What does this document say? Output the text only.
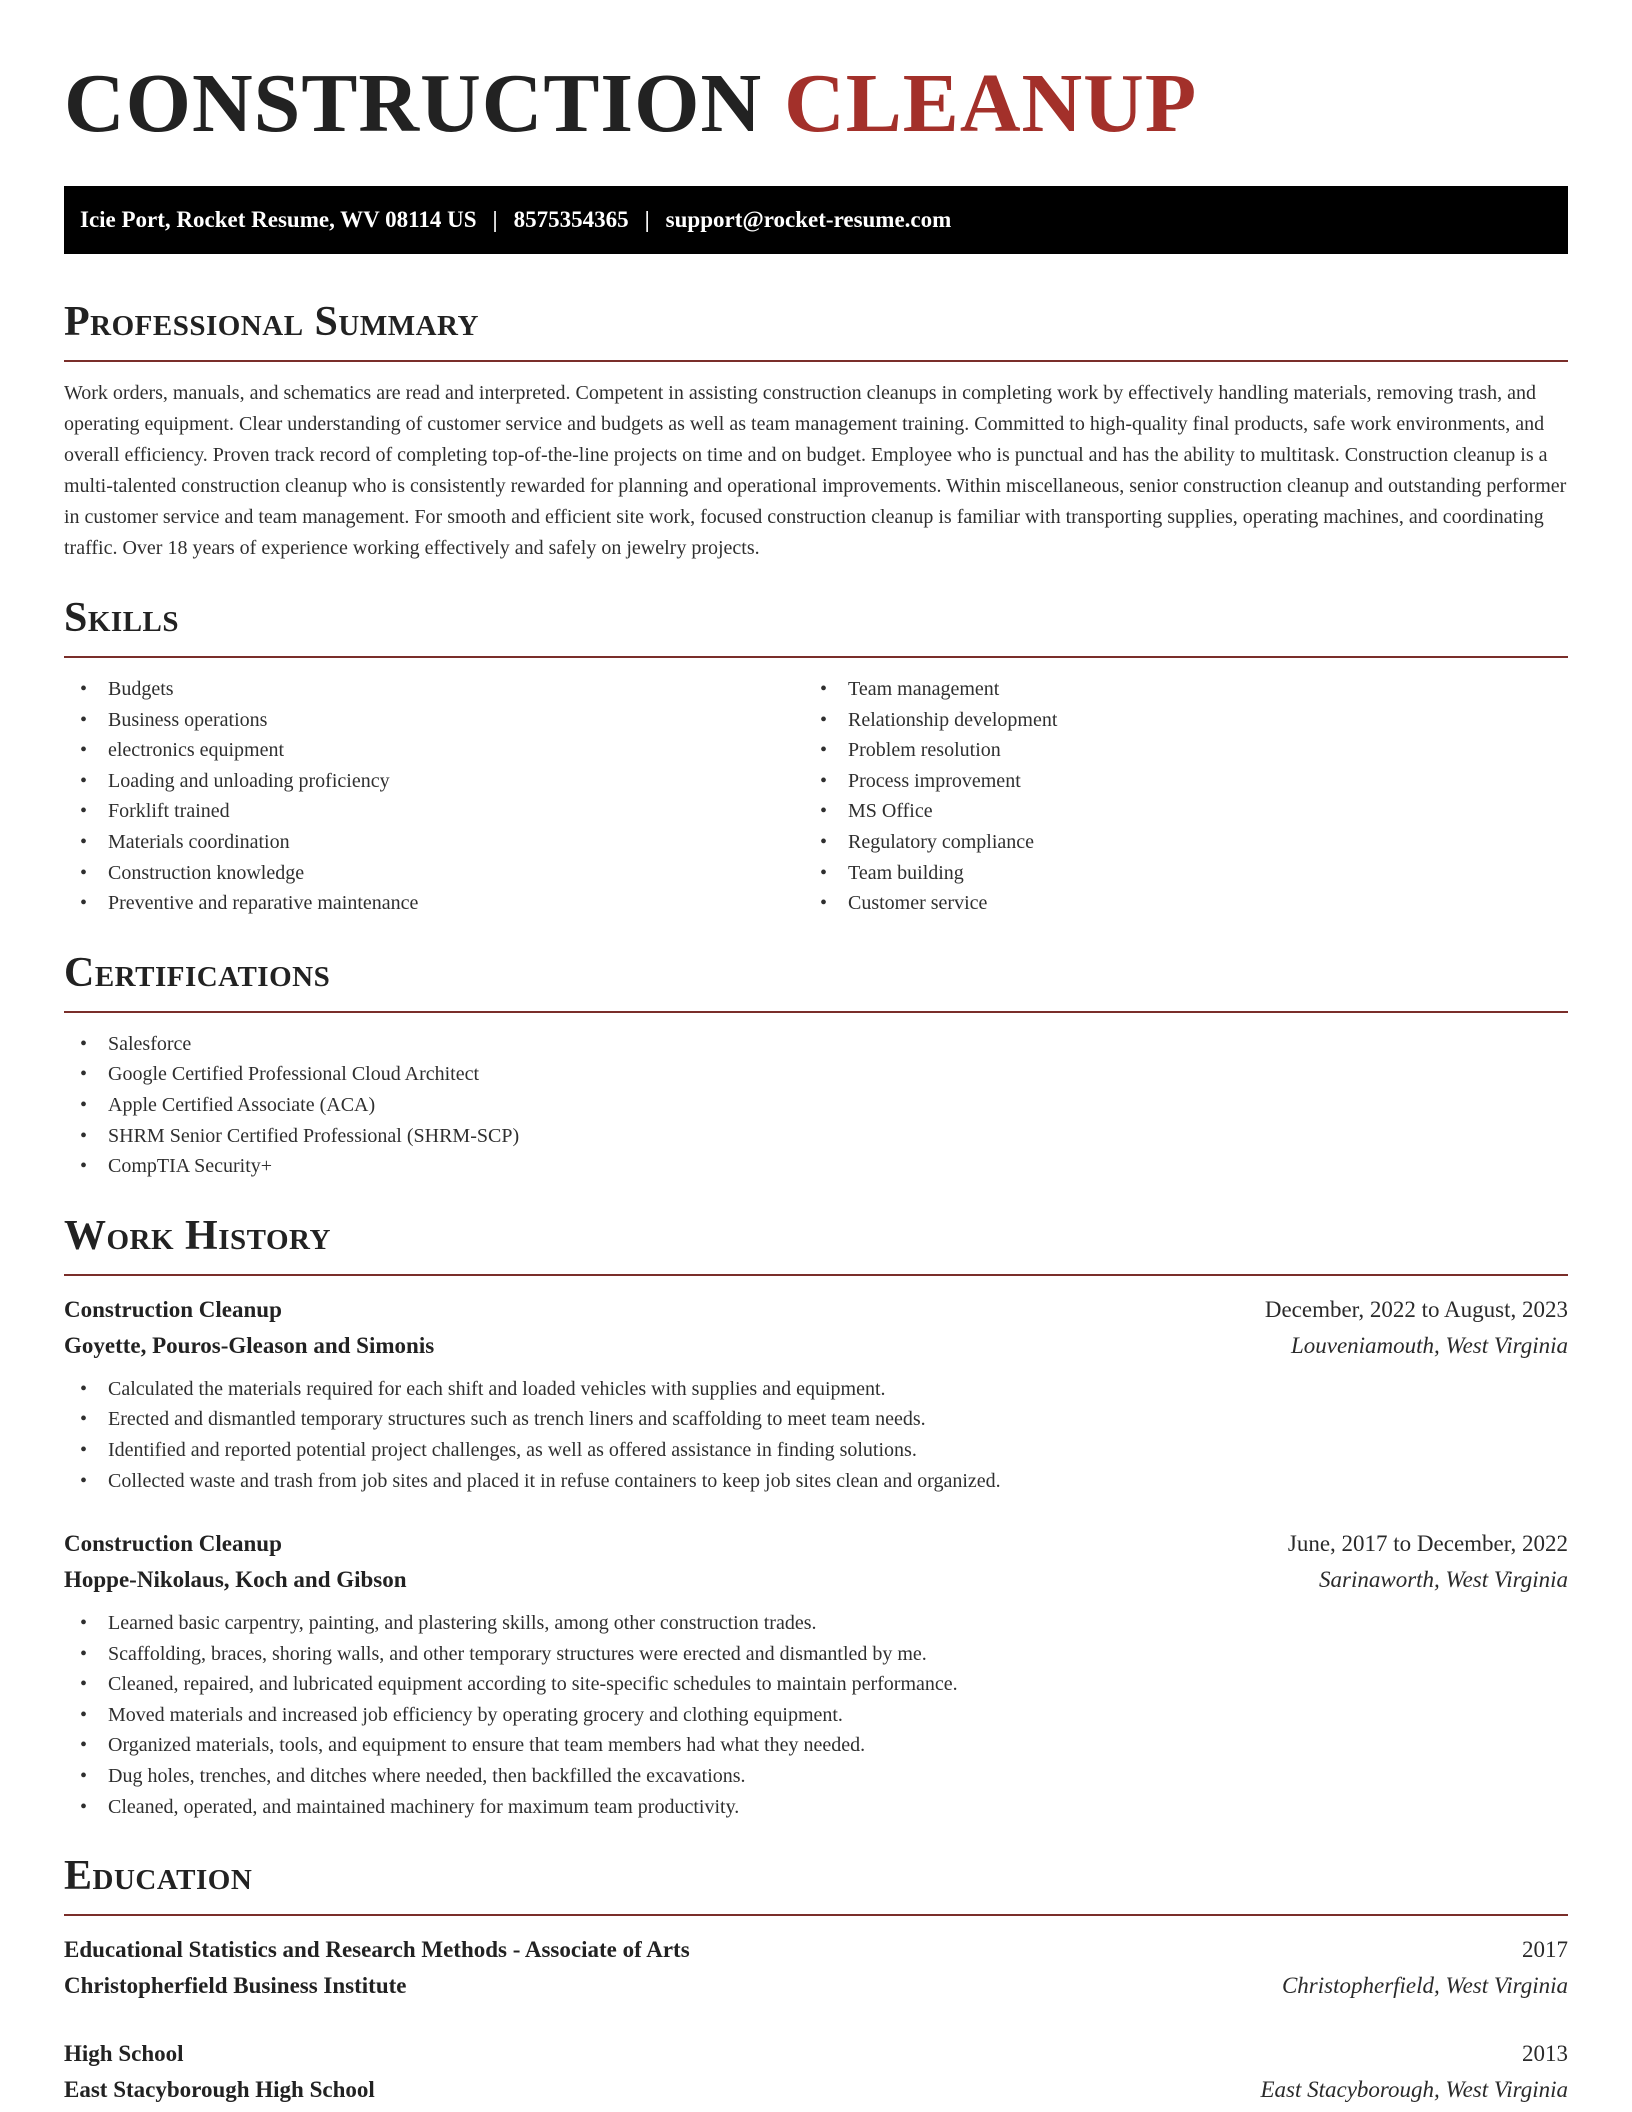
CONSTRUCTION CLEANUP
Icie Port, Rocket Resume, WV 08114 US | 8575354365 | support@rocket-resume.com
Professional Summary

Work orders, manuals, and schematics are read and interpreted. Competent in assisting construction cleanups in completing work by effectively handling materials, removing trash, and operating equipment. Clear understanding of customer service and budgets as well as team management training. Committed to high-quality final products, safe work environments, and overall efficiency. Proven track record of completing top-of-the-line projects on time and on budget. Employee who is punctual and has the ability to multitask. Construction cleanup is a multi-talented construction cleanup who is consistently rewarded for planning and operational improvements. Within miscellaneous, senior construction cleanup and outstanding performer in customer service and team management. For smooth and efficient site work, focused construction cleanup is familiar with transporting supplies, operating machines, and coordinating traffic. Over 18 years of experience working effectively and safely on jewelry projects.

Skills
• Budgets
• Business operations
• electronics equipment
• Loading and unloading proficiency
• Forklift trained
• Materials coordination
• Construction knowledge
• Preventive and reparative maintenance
• Team management
• Relationship development
• Problem resolution
• Process improvement
• MS Office
• Regulatory compliance
• Team building
• Customer service
Certifications
• Salesforce
• Google Certified Professional Cloud Architect
• Apple Certified Associate (ACA)
• SHRM Senior Certified Professional (SHRM-SCP)
• CompTIA Security+
Work History
Construction Cleanup	December, 2022 to August, 2023
Goyette, Pouros-Gleason and Simonis	Louveniamouth, West Virginia
• Calculated the materials required for each shift and loaded vehicles with supplies and equipment.
• Erected and dismantled temporary structures such as trench liners and scaffolding to meet team needs.
• Identified and reported potential project challenges, as well as offered assistance in finding solutions.
• Collected waste and trash from job sites and placed it in refuse containers to keep job sites clean and organized.
Construction Cleanup	June, 2017 to December, 2022
Hoppe-Nikolaus, Koch and Gibson	Sarinaworth, West Virginia
• Learned basic carpentry, painting, and plastering skills, among other construction trades.
• Scaffolding, braces, shoring walls, and other temporary structures were erected and dismantled by me.
• Cleaned, repaired, and lubricated equipment according to site-specific schedules to maintain performance.
• Moved materials and increased job efficiency by operating grocery and clothing equipment.
• Organized materials, tools, and equipment to ensure that team members had what they needed.
• Dug holes, trenches, and ditches where needed, then backfilled the excavations.
• Cleaned, operated, and maintained machinery for maximum team productivity.
Education
Educational Statistics and Research Methods - Associate of Arts	2017
Christopherfield Business Institute	Christopherfield, West Virginia
High School	2013
East Stacyborough High School	East Stacyborough, West Virginia
